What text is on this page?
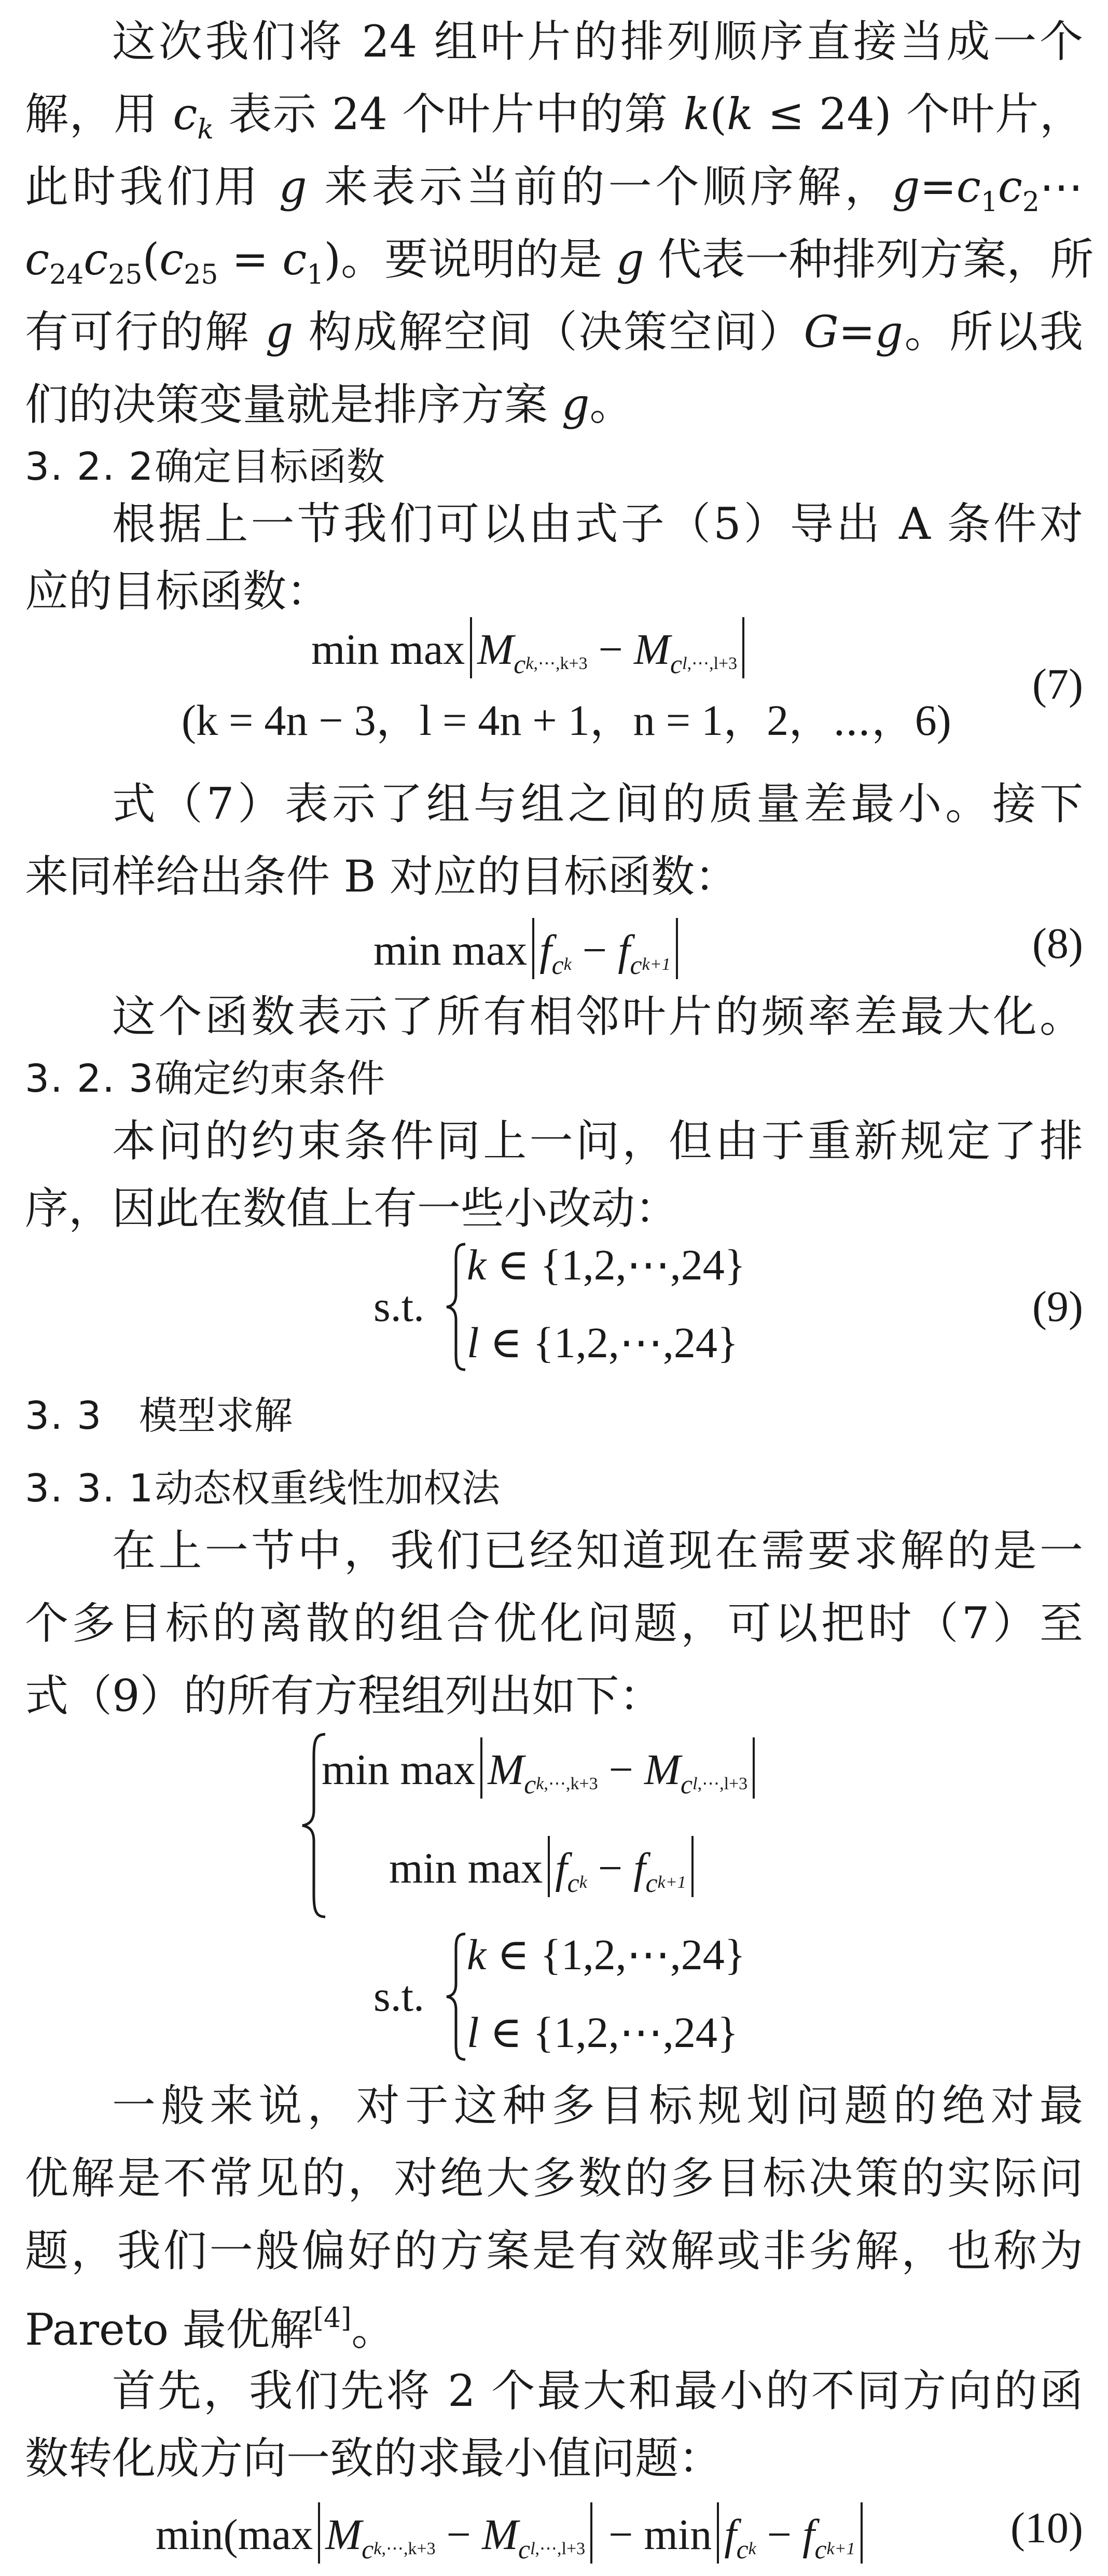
这次我们将 24 组叶片的排列顺序直接当成一个
解，用 $c_k$ 表示 24 个叶片中的第 k(k ≤ 24) 个叶片，
此时我们用 g 来表示当前的一个顺序解，$g=c_1c_2\cdots$
$c_{24}c_{25}(c_{25} = c_1)$。要说明的是 g 代表一种排列方案，所
有可行的解 g 构成解空间（决策空间）G=g。所以我
们的决策变量就是排序方案 g。
3. 2. 2确定目标函数
根据上一节我们可以由式子（5）导出 A 条件对
应的目标函数：
$\min \max M_ck,\cdots,k+3$ − $M_cl,\cdots,l+3$
(k = 4n − 3，l = 4n + 1，n = 1，2，⋯，6)
(7)
式（7）表示了组与组之间的质量差最小。接下
来同样给出条件 B 对应的目标函数：
$\min \max f_ck - f_ck+1$	(8)
这个函数表示了所有相邻叶片的频率差最大化。
3. 2. 3确定约束条件
本问的约束条件同上一问，但由于重新规定了排
序，因此在数值上有一些小改动：
s.t.
k ∈ {1,2,⋯,24}
l ∈ {1,2,⋯,24}
(9)
3. 3 模型求解
3. 3. 1动态权重线性加权法
在上一节中，我们已经知道现在需要求解的是一
个多目标的离散的组合优化问题，可以把时（7）至
式（9）的所有方程组列出如下：
$\min \max M_ck,\cdots,k+3$ − $M_cl,\cdots,l+3$
$\min \max f_ck - f_ck+1$
s.t.
k ∈ {1,2,⋯,24}
l ∈ {1,2,⋯,24}
一般来说，对于这种多目标规划问题的绝对最
优解是不常见的，对绝大多数的多目标决策的实际问
题，我们一般偏好的方案是有效解或非劣解，也称为
Pareto 最优解[4]。
首先，我们先将 2 个最大和最小的不同方向的函
数转化成方向一致的求最小值问题：
min(max $M_ck,\cdots,k+3$ − $M_cl,\cdots,l+3 - \min f_ck - f_ck+1$	(10)
